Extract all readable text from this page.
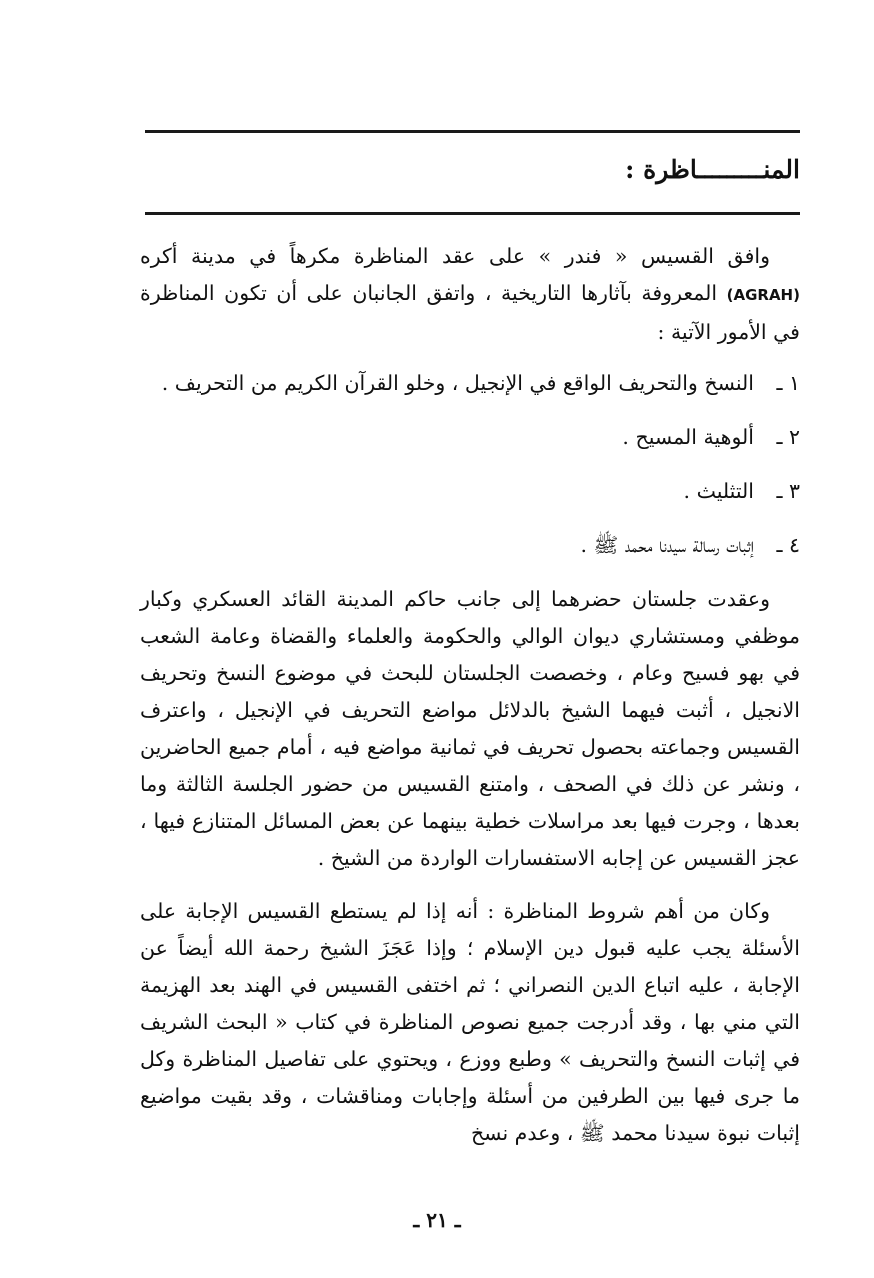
المنـــــــــاظرة :

وافق القسيس « فندر » على عقد المناظرة مكرهاً في مدينة أكره (AGRAH) المعروفة بآثارها التاريخية ، واتفق الجانبان على أن تكون المناظرة في الأمور الآتية :

١ ـ
النسخ والتحريف الواقع في الإنجيل ، وخلو القرآن الكريم من التحريف .
٢ ـ
ألوهية المسيح .
٣ ـ
التثليث .
٤ ـ
إثبات رسالة سيدنا محمد ﷺ .

وعقدت جلستان حضرهما إلى جانب حاكم المدينة القائد العسكري وكبار موظفي ومستشاري ديوان الوالي والحكومة والعلماء والقضاة وعامة الشعب في بهو فسيح وعام ، وخصصت الجلستان للبحث في موضوع النسخ وتحريف الانجيل ، أثبت فيهما الشيخ بالدلائل مواضع التحريف في الإنجيل ، واعترف القسيس وجماعته بحصول تحريف في ثمانية مواضع فيه ، أمام جميع الحاضرين ، ونشر عن ذلك في الصحف ، وامتنع القسيس من حضور الجلسة الثالثة وما بعدها ، وجرت فيها بعد مراسلات خطية بينهما عن بعض المسائل المتنازع فيها ، عجز القسيس عن إجابه الاستفسارات الواردة من الشيخ .

وكان من أهم شروط المناظرة : أنه إذا لم يستطع القسيس الإجابة على الأسئلة يجب عليه قبول دين الإسلام ؛ وإذا عَجَزَ الشيخ رحمة الله أيضاً عن الإجابة ، عليه اتباع الدين النصراني ؛ ثم اختفى القسيس في الهند بعد الهزيمة التي مني بها ، وقد أدرجت جميع نصوص المناظرة في كتاب « البحث الشريف في إثبات النسخ والتحريف » وطبع ووزع ، ويحتوي على تفاصيل المناظرة وكل ما جرى فيها بين الطرفين من أسئلة وإجابات ومناقشات ، وقد بقيت مواضيع إثبات نبوة سيدنا محمد ﷺ ، وعدم نسخ

ـ ٢١ ـ
